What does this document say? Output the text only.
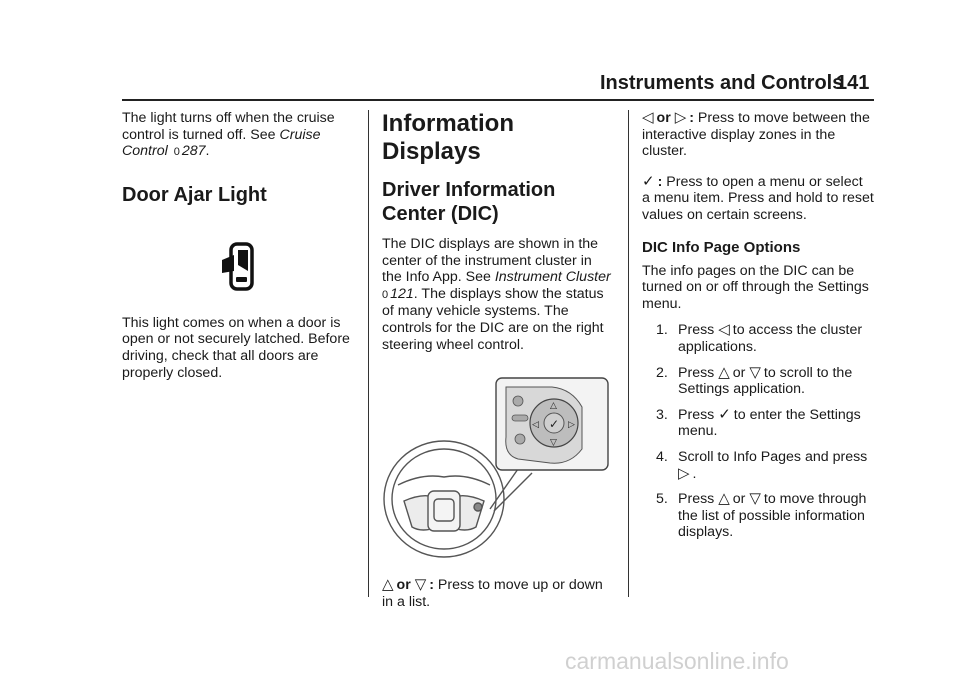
Instruments and Controls
141

The light turns off when the cruise control is turned off. See Cruise Control 0 287.

Door Ajar Light

This light comes on when a door is open or not securely latched. Before driving, check that all doors are properly closed.

Information Displays
Driver Information
Center (DIC)

The DIC displays are shown in the center of the instrument cluster in the Info App. See Instrument Cluster
0 121. The displays show the status of many vehicle systems. The controls for the DIC are on the right steering wheel control.

✓
△
▽
◁	▷

△ or ▽ : Press to move up or down in a list.

◁ or ▷ : Press to move between the interactive display zones in the cluster.

✓ : Press to open a menu or select a menu item. Press and hold to reset values on certain screens.

DIC Info Page Options

The info pages on the DIC can be turned on or off through the Settings menu.

1. Press ◁ to access the cluster applications.
2. Press △ or ▽ to scroll to the Settings application.
3. Press ✓ to enter the Settings menu.
4. Scroll to Info Pages and press ▷ .
5. Press △ or ▽ to move through the list of possible information displays.
carmanualsonline.info
